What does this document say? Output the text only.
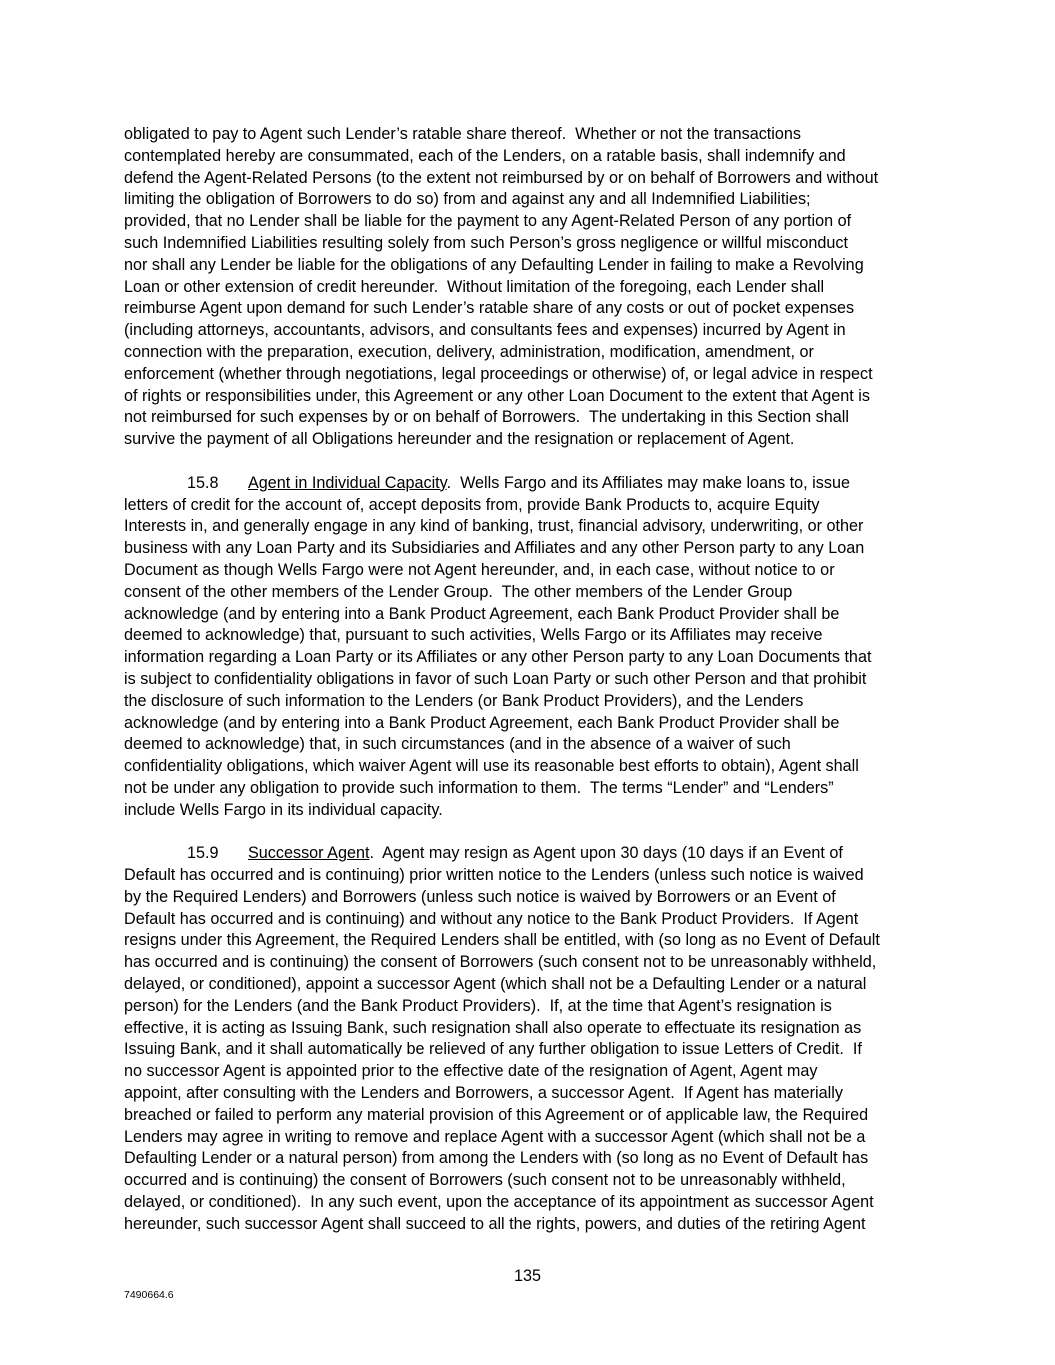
obligated to pay to Agent such Lender’s ratable share thereof.  Whether or not the transactions
contemplated hereby are consummated, each of the Lenders, on a ratable basis, shall indemnify and
defend the Agent-Related Persons (to the extent not reimbursed by or on behalf of Borrowers and without
limiting the obligation of Borrowers to do so) from and against any and all Indemnified Liabilities;
provided, that no Lender shall be liable for the payment to any Agent-Related Person of any portion of
such Indemnified Liabilities resulting solely from such Person’s gross negligence or willful misconduct
nor shall any Lender be liable for the obligations of any Defaulting Lender in failing to make a Revolving
Loan or other extension of credit hereunder.  Without limitation of the foregoing, each Lender shall
reimburse Agent upon demand for such Lender’s ratable share of any costs or out of pocket expenses
(including attorneys, accountants, advisors, and consultants fees and expenses) incurred by Agent in
connection with the preparation, execution, delivery, administration, modification, amendment, or
enforcement (whether through negotiations, legal proceedings or otherwise) of, or legal advice in respect
of rights or responsibilities under, this Agreement or any other Loan Document to the extent that Agent is
not reimbursed for such expenses by or on behalf of Borrowers.  The undertaking in this Section shall
survive the payment of all Obligations hereunder and the resignation or replacement of Agent.
15.8 Agent in Individual Capacity.  Wells Fargo and its Affiliates may make loans to, issue
letters of credit for the account of, accept deposits from, provide Bank Products to, acquire Equity
Interests in, and generally engage in any kind of banking, trust, financial advisory, underwriting, or other
business with any Loan Party and its Subsidiaries and Affiliates and any other Person party to any Loan
Document as though Wells Fargo were not Agent hereunder, and, in each case, without notice to or
consent of the other members of the Lender Group.  The other members of the Lender Group
acknowledge (and by entering into a Bank Product Agreement, each Bank Product Provider shall be
deemed to acknowledge) that, pursuant to such activities, Wells Fargo or its Affiliates may receive
information regarding a Loan Party or its Affiliates or any other Person party to any Loan Documents that
is subject to confidentiality obligations in favor of such Loan Party or such other Person and that prohibit
the disclosure of such information to the Lenders (or Bank Product Providers), and the Lenders
acknowledge (and by entering into a Bank Product Agreement, each Bank Product Provider shall be
deemed to acknowledge) that, in such circumstances (and in the absence of a waiver of such
confidentiality obligations, which waiver Agent will use its reasonable best efforts to obtain), Agent shall
not be under any obligation to provide such information to them.  The terms “Lender” and “Lenders”
include Wells Fargo in its individual capacity.
15.9 Successor Agent.  Agent may resign as Agent upon 30 days (10 days if an Event of
Default has occurred and is continuing) prior written notice to the Lenders (unless such notice is waived
by the Required Lenders) and Borrowers (unless such notice is waived by Borrowers or an Event of
Default has occurred and is continuing) and without any notice to the Bank Product Providers.  If Agent
resigns under this Agreement, the Required Lenders shall be entitled, with (so long as no Event of Default
has occurred and is continuing) the consent of Borrowers (such consent not to be unreasonably withheld,
delayed, or conditioned), appoint a successor Agent (which shall not be a Defaulting Lender or a natural
person) for the Lenders (and the Bank Product Providers).  If, at the time that Agent’s resignation is
effective, it is acting as Issuing Bank, such resignation shall also operate to effectuate its resignation as
Issuing Bank, and it shall automatically be relieved of any further obligation to issue Letters of Credit.  If
no successor Agent is appointed prior to the effective date of the resignation of Agent, Agent may
appoint, after consulting with the Lenders and Borrowers, a successor Agent.  If Agent has materially
breached or failed to perform any material provision of this Agreement or of applicable law, the Required
Lenders may agree in writing to remove and replace Agent with a successor Agent (which shall not be a
Defaulting Lender or a natural person) from among the Lenders with (so long as no Event of Default has
occurred and is continuing) the consent of Borrowers (such consent not to be unreasonably withheld,
delayed, or conditioned).  In any such event, upon the acceptance of its appointment as successor Agent
hereunder, such successor Agent shall succeed to all the rights, powers, and duties of the retiring Agent
135
7490664.6
